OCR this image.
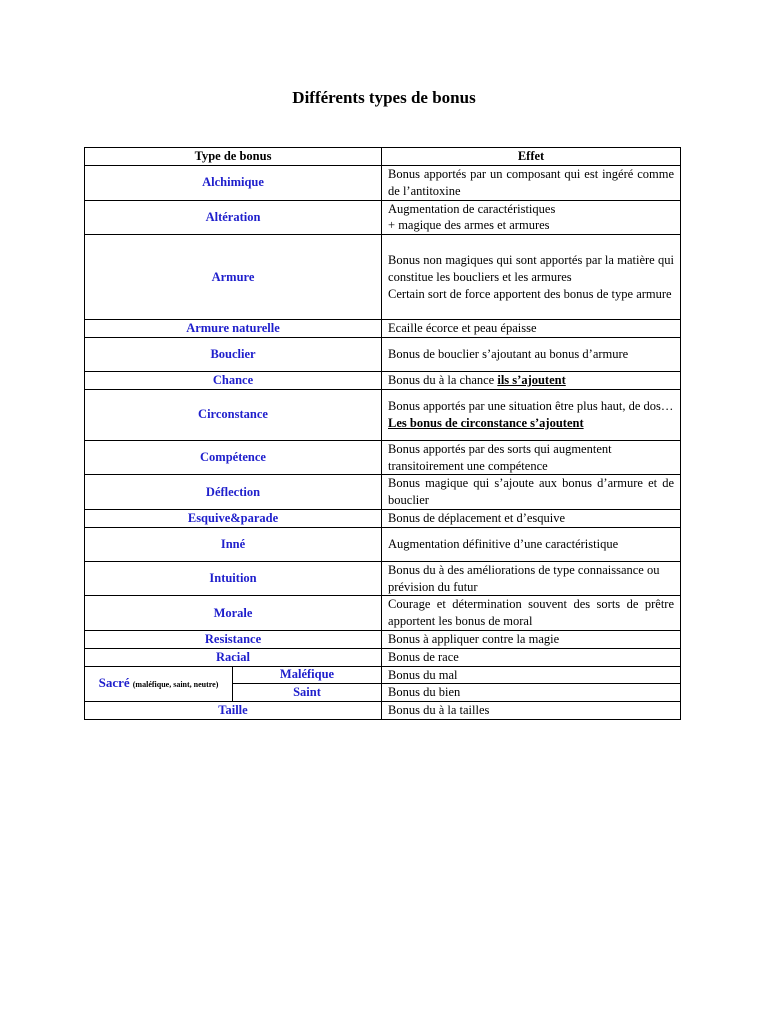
Différents types de bonus
Type de bonus		Effet
Alchimique		Bonus apportés par un composant qui est ingéré comme de l’antitoxine
Altération		Augmentation de caractéristiques
+ magique des armes et armures

Armure		Bonus non magiques qui sont apportés par la matière qui constitue les boucliers et les armures
Certain sort de force apportent des bonus de type armure

Armure naturelle		Ecaille écorce et peau épaisse
Bouclier		Bonus de bouclier s’ajoutant au bonus d’armure
Chance		Bonus du à la chance ils s’ajoutent
Circonstance		Bonus apportés par une situation être plus haut, de dos…
Les bonus de circonstance s’ajoutent

Compétence		Bonus apportés par des sorts qui augmentent transitoirement une compétence
Déflection		Bonus magique qui s’ajoute aux bonus d’armure et de bouclier
Esquive&parade		Bonus de déplacement et d’esquive
Inné		Augmentation définitive d’une caractéristique
Intuition		Bonus du à des améliorations de type connaissance ou prévision du futur
Morale		Courage et détermination souvent des sorts de prêtre apportent les bonus de moral
Resistance		Bonus à appliquer contre la magie
Racial		Bonus de race
Sacré (maléfique, saint, neutre)	Maléfique	Bonus du mal
	Saint	Bonus du bien
Taille		Bonus du à la tailles
